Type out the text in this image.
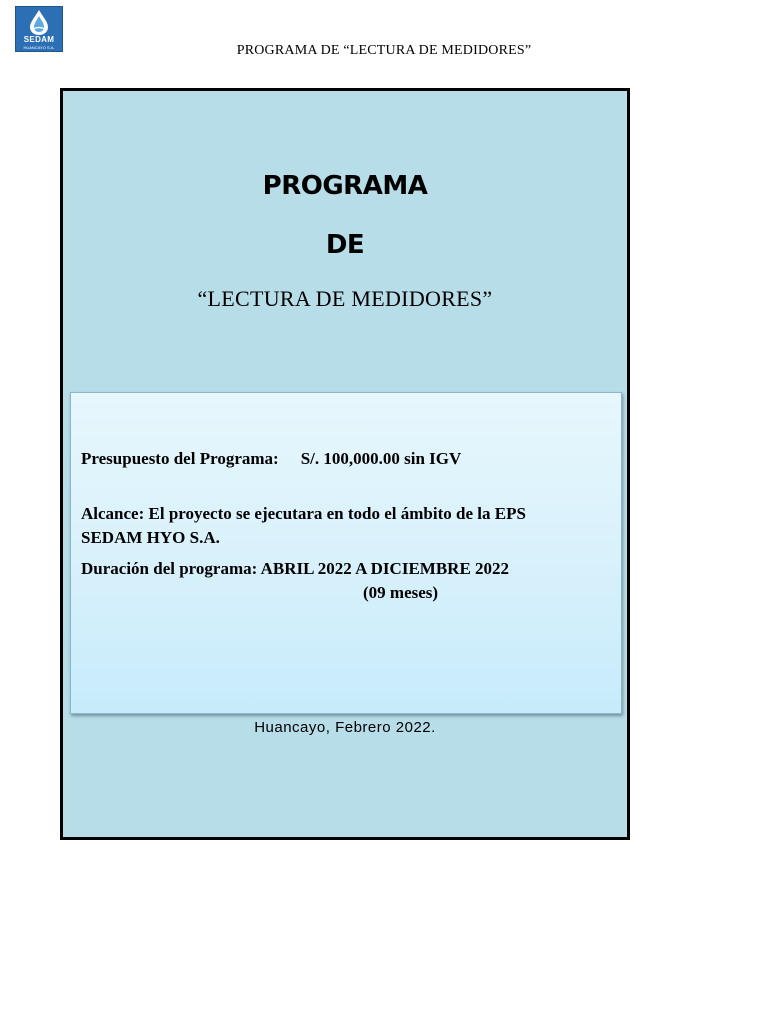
SEDAM
HUANCAYO S.A.	PROGRAMA DE “LECTURA DE MEDIDORES”
PROGRAMA
DE
“LECTURA DE MEDIDORES”
Presupuesto del Programa: S/. 100,000.00 sin IGV
Alcance: El proyecto se ejecutara en todo el ámbito de la EPS
SEDAM HYO S.A.
Duración del programa: ABRIL 2022 A DICIEMBRE 2022
(09 meses)
Huancayo, Febrero 2022.
